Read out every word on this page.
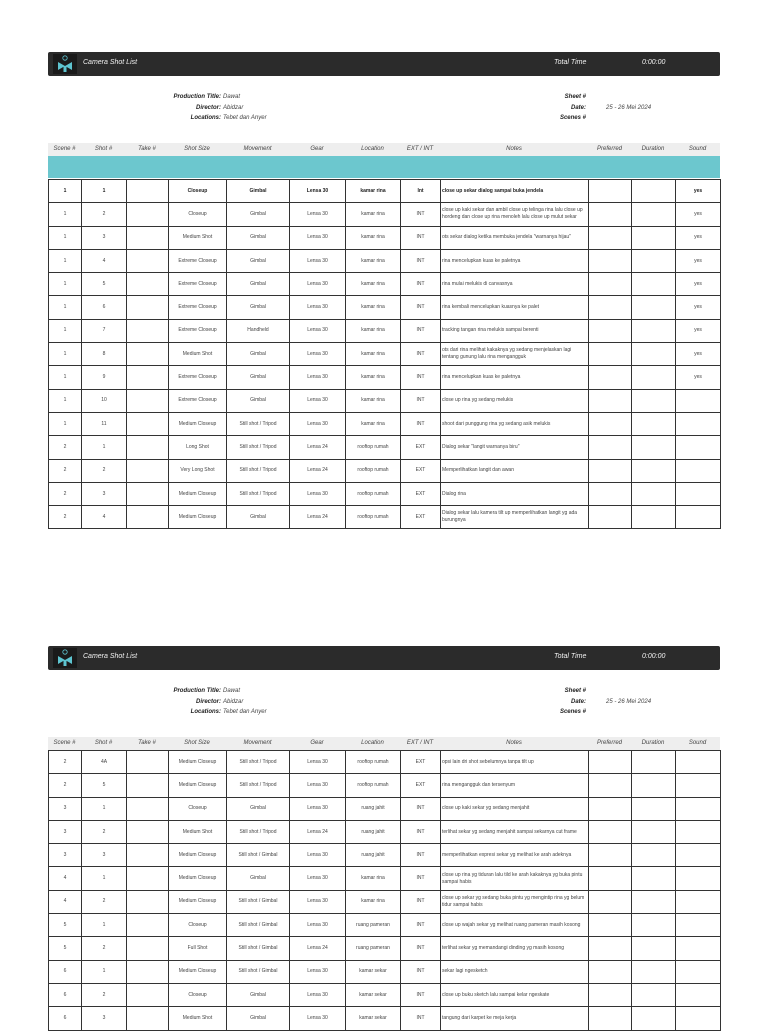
Camera Shot List	Total Time	0:00:00
Production Title: Dawat
Director: Abidzar
Locations: Tebet dan Anyer
Sheet #
Date:	25 - 26 Mei 2024
Scenes #
Scene #	Shot #	Take #	Shot Size	Movement	Gear	Location	EXT / INT	Notes	Preferred	Duration	Sound
1	1		Closeup	Gimbal	Lensa 30	kamar rina	Int	close up sekar dialog sampai buka jendela			yes
1	2		Closeup	Gimbal	Lensa 30	kamar rina	INT	close up kaki sekar dan ambil close up telinga rina lalu close up hordeng dan close up rina menoleh lalu close up mulut sekar			yes
1	3		Medium Shot	Gimbal	Lensa 30	kamar rina	INT	ots sekar dialog ketika membuka jendela "warnanya hijau"			yes
1	4		Extreme Closeup	Gimbal	Lensa 30	kamar rina	INT	rina mencelupkan kuas ke paletnya			yes
1	5		Extreme Closeup	Gimbal	Lensa 30	kamar rina	INT	rina mulai melukis di canvasnya			yes
1	6		Extreme Closeup	Gimbal	Lensa 30	kamar rina	INT	rina kembali mencelupkan kuasnya ke palet			yes
1	7		Extreme Closeup	Handheld	Lensa 30	kamar rina	INT	tracking tangan rina melukis sampai berenti			yes
1	8		Medium Shot	Gimbal	Lensa 30	kamar rina	INT	ots dari rina melihat kakaknya yg sedang menjelaskan lagi tentang gunung lalu rina mengangguk			yes
1	9		Extreme Closeup	Gimbal	Lensa 30	kamar rina	INT	rina mencelupkan kuas ke paletnya			yes
1	10		Extreme Closeup	Gimbal	Lensa 30	kamar rina	INT	close up rina yg sedang melukis			
1	11		Medium Closeup	Still shot / Tripod	Lensa 30	kamar rina	INT	shoot dari punggung rina yg sedang asik melukis			
2	1		Long Shot	Still shot / Tripod	Lensa 24	rooftop rumah	EXT	Dialog sekar "langit warnanya biru"			
2	2		Very Long Shot	Still shot / Tripod	Lensa 24	rooftop rumah	EXT	Memperlihatkan langit dan awan			
2	3		Medium Closeup	Still shot / Tripod	Lensa 30	rooftop rumah	EXT	Dialog rina			
2	4		Medium Closeup	Gimbal	Lensa 24	rooftop rumah	EXT	Dialog sekar lalu kamera tilt up memperlihatkan langit yg ada burungnya			
Camera Shot List	Total Time	0:00:00
Production Title: Dawat
Director: Abidzar
Locations: Tebet dan Anyer
Sheet #
Date:	25 - 26 Mei 2024
Scenes #
Scene #	Shot #	Take #	Shot Size	Movement	Gear	Location	EXT / INT	Notes	Preferred	Duration	Sound
2	4A		Medium Closeup	Still shot / Tripod	Lensa 30	rooftop rumah	EXT	opsi lain dri shot sebelumnya tanpa tilt up			
2	5		Medium Closeup	Still shot / Tripod	Lensa 30	rooftop rumah	EXT	rina mengangguk dan tersenyum			
3	1		Closeup	Gimbal	Lensa 30	ruang jahit	INT	close up kaki sekar yg sedang menjahit			
3	2		Medium Shot	Still shot / Tripod	Lensa 24	ruang jahit	INT	terlihat sekar yg sedang menjahit sampai sekarnya cut frame			
3	3		Medium Closeup	Still shot / Gimbal	Lensa 30	ruang jahit	INT	memperlihatkan expresi sekar yg melihat ke arah adeknya			
4	1		Medium Closeup	Gimbal	Lensa 30	kamar rina	INT	close up rina yg tiduran lalu tild ke arah kakaknya yg buka pintu sampai habis			
4	2		Medium Closeup	Still shot / Gimbal	Lensa 30	kamar rina	INT	close up sekar yg sedang buka pintu yg mengintip rina yg belum tidur sampai habis			
5	1		Closeup	Still shot / Gimbal	Lensa 30	ruang pameran	INT	close up wajah sekar yg melihat ruang pameran masih kosong			
5	2		Full Shot	Still shot / Gimbal	Lensa 24	ruang pameran	INT	terlihat sekar yg memandangi dinding yg masih kosong			
6	1		Medium Closeup	Still shot / Gimbal	Lensa 30	kamar sekar	INT	sekar lagi ngesketch			
6	2		Closeup	Gimbal	Lensa 30	kamar sekar	INT	close up buku sketch lalu sampai kelar ngeskate			
6	3		Medium Shot	Gimbal	Lensa 30	kamar sekar	INT	tangung dari karpet ke meja kerja			
